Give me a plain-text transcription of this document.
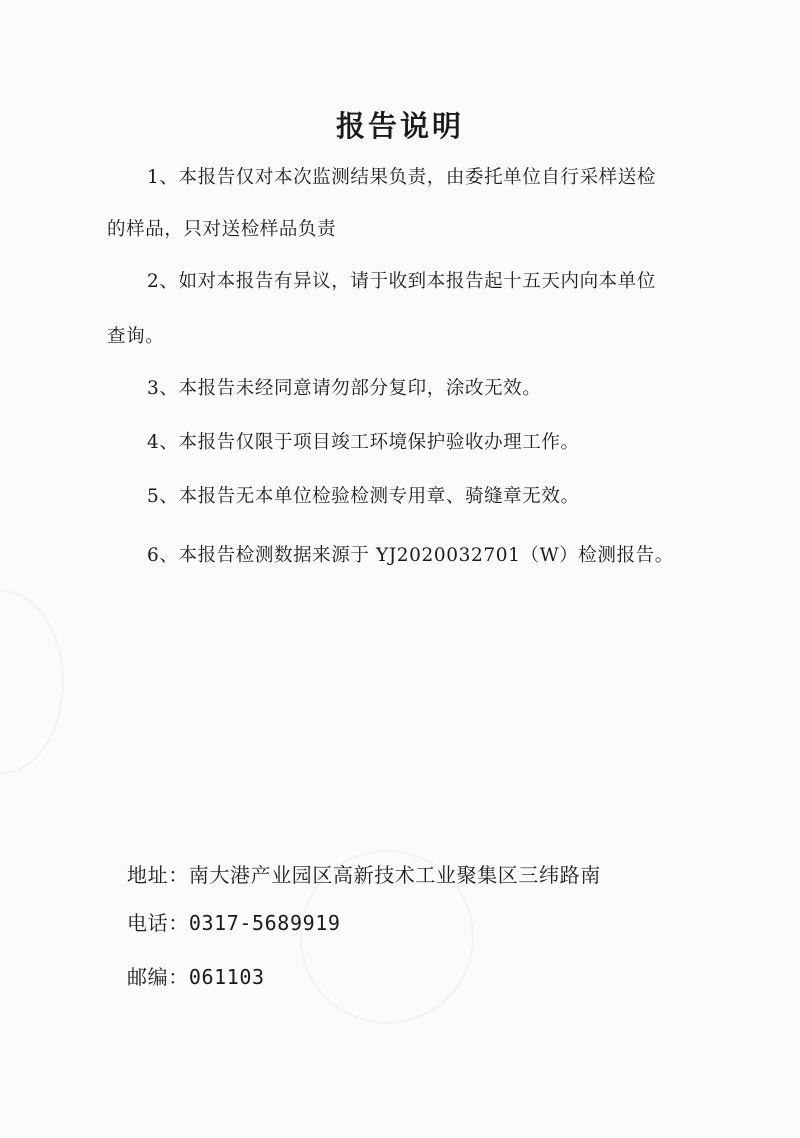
报告说明
1、本报告仅对本次监测结果负责，由委托单位自行采样送检
的样品，只对送检样品负责
2、如对本报告有异议，请于收到本报告起十五天内向本单位
查询。
3、本报告未经同意请勿部分复印，涂改无效。
4、本报告仅限于项目竣工环境保护验收办理工作。
5、本报告无本单位检验检测专用章、骑缝章无效。
6、本报告检测数据来源于 YJ2020032701（W）检测报告。
地址：南大港产业园区高新技术工业聚集区三纬路南
电话：0317-5689919
邮编：061103
